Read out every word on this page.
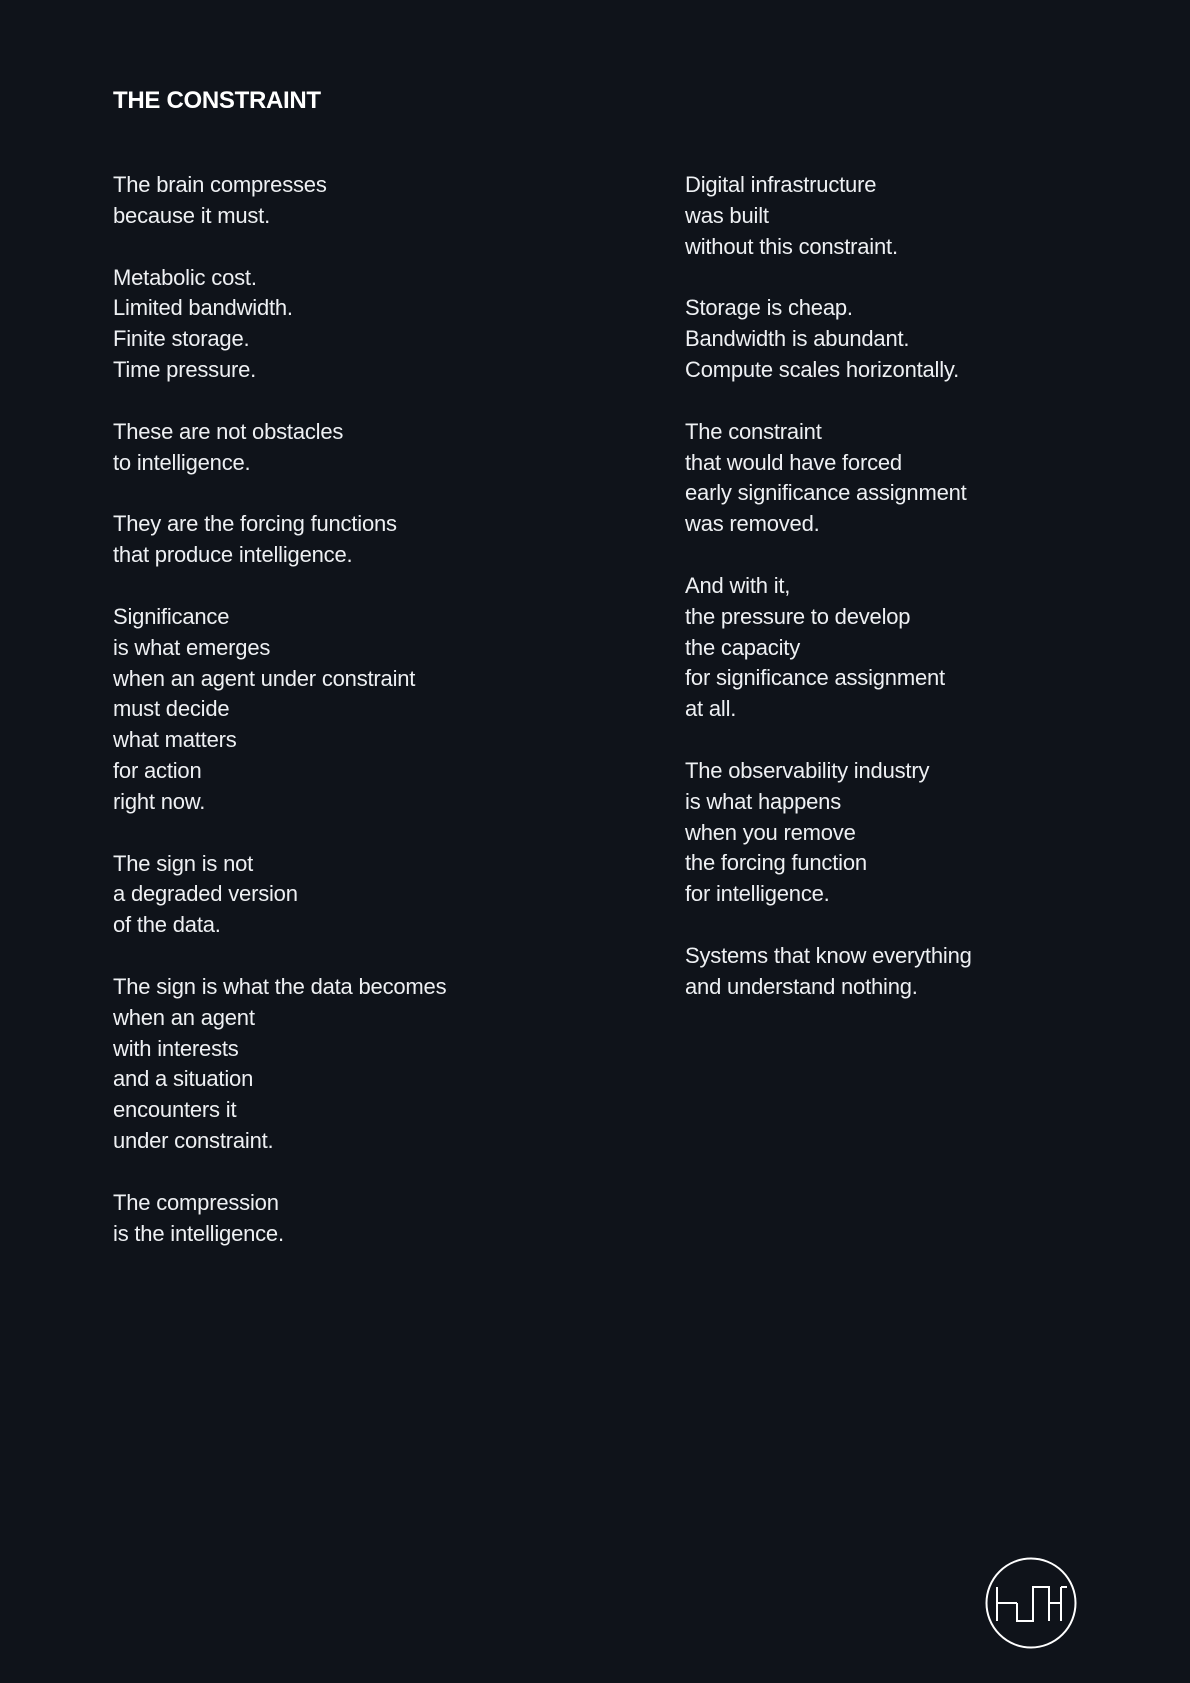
THE CONSTRAINT
The brain compresses
because it must.
Metabolic cost.
Limited bandwidth.
Finite storage.
Time pressure.
These are not obstacles
to intelligence.
They are the forcing functions
that produce intelligence.
Significance
is what emerges
when an agent under constraint
must decide
what matters
for action
right now.
The sign is not
a degraded version
of the data.
The sign is what the data becomes
when an agent
with interests
and a situation
encounters it
under constraint.
The compression
is the intelligence.
Digital infrastructure
was built
without this constraint.
Storage is cheap.
Bandwidth is abundant.
Compute scales horizontally.
The constraint
that would have forced
early significance assignment
was removed.
And with it,
the pressure to develop
the capacity
for significance assignment
at all.
The observability industry
is what happens
when you remove
the forcing function
for intelligence.
Systems that know everything
and understand nothing.
